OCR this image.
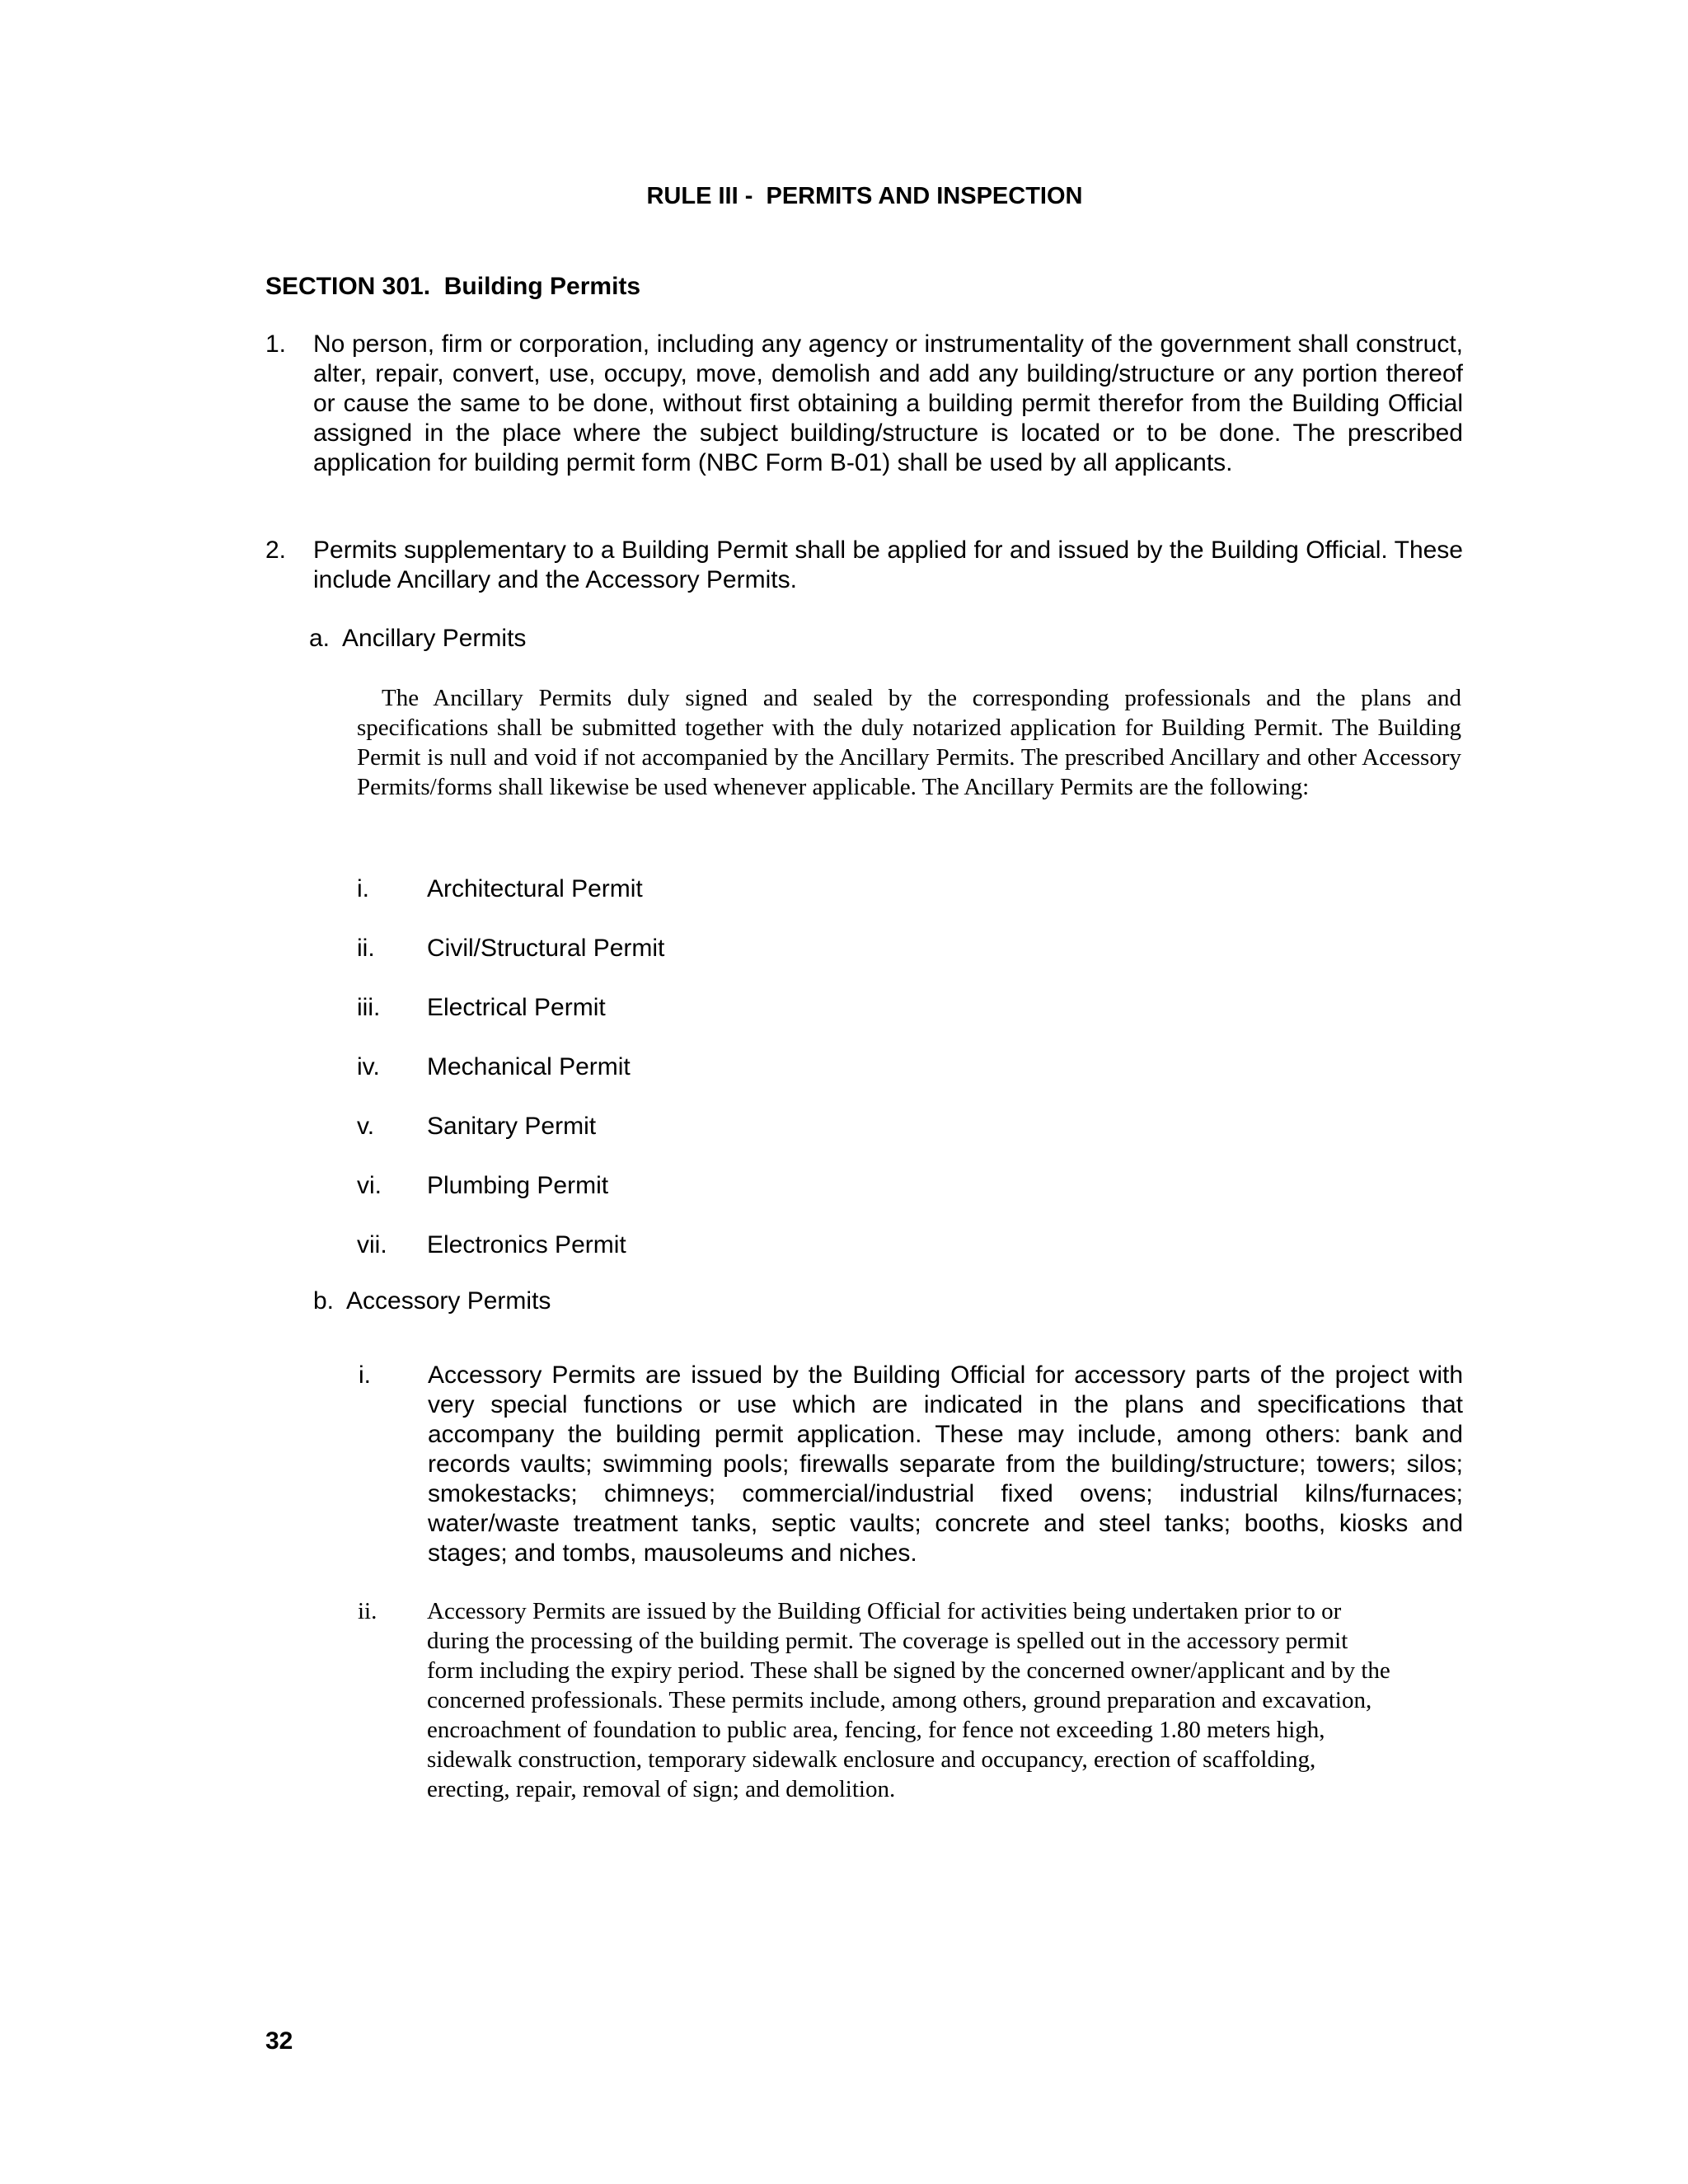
RULE III -  PERMITS AND INSPECTION
SECTION 301.  Building Permits
1. No person, firm or corporation, including any agency or instrumentality of the government shall construct, alter, repair, convert, use, occupy, move, demolish and add any building/structure or any portion thereof or cause the same to be done, without first obtaining a building permit therefor from the Building Official assigned in the place where the subject building/structure is located or to be done. The prescribed application for building permit form (NBC Form B-01) shall be used by all applicants.
2. Permits supplementary to a Building Permit shall be applied for and issued by the Building Official. These include Ancillary and the Accessory Permits.
a.  Ancillary Permits
The Ancillary Permits duly signed and sealed by the corresponding professionals and the plans and specifications shall be submitted together with the duly notarized application for Building Permit. The Building Permit is null and void if not accompanied by the Ancillary Permits. The prescribed Ancillary and other Accessory Permits/forms shall likewise be used whenever applicable. The Ancillary Permits are the following:
i. Architectural Permit
ii. Civil/Structural Permit
iii. Electrical Permit
iv. Mechanical Permit
v. Sanitary Permit
vi. Plumbing Permit
vii. Electronics Permit
b.  Accessory Permits
i. Accessory Permits are issued by the Building Official for accessory parts of the project with very special functions or use which are indicated in the plans and specifications that accompany the building permit application. These may include, among others: bank and records vaults; swimming pools; firewalls separate from the building/structure; towers; silos; smokestacks; chimneys; commercial/industrial fixed ovens; industrial kilns/furnaces; water/waste treatment tanks, septic vaults; concrete and steel tanks; booths, kiosks and stages; and tombs, mausoleums and niches.
ii. Accessory Permits are issued by the Building Official for activities being undertaken prior to or during the processing of the building permit. The coverage is spelled out in the accessory permit form including the expiry period. These shall be signed by the concerned owner/applicant and by the concerned professionals. These permits include, among others, ground preparation and excavation, encroachment of foundation to public area, fencing, for fence not exceeding 1.80 meters high, sidewalk construction, temporary sidewalk enclosure and occupancy, erection of scaffolding, erecting, repair, removal of sign; and demolition.
32
